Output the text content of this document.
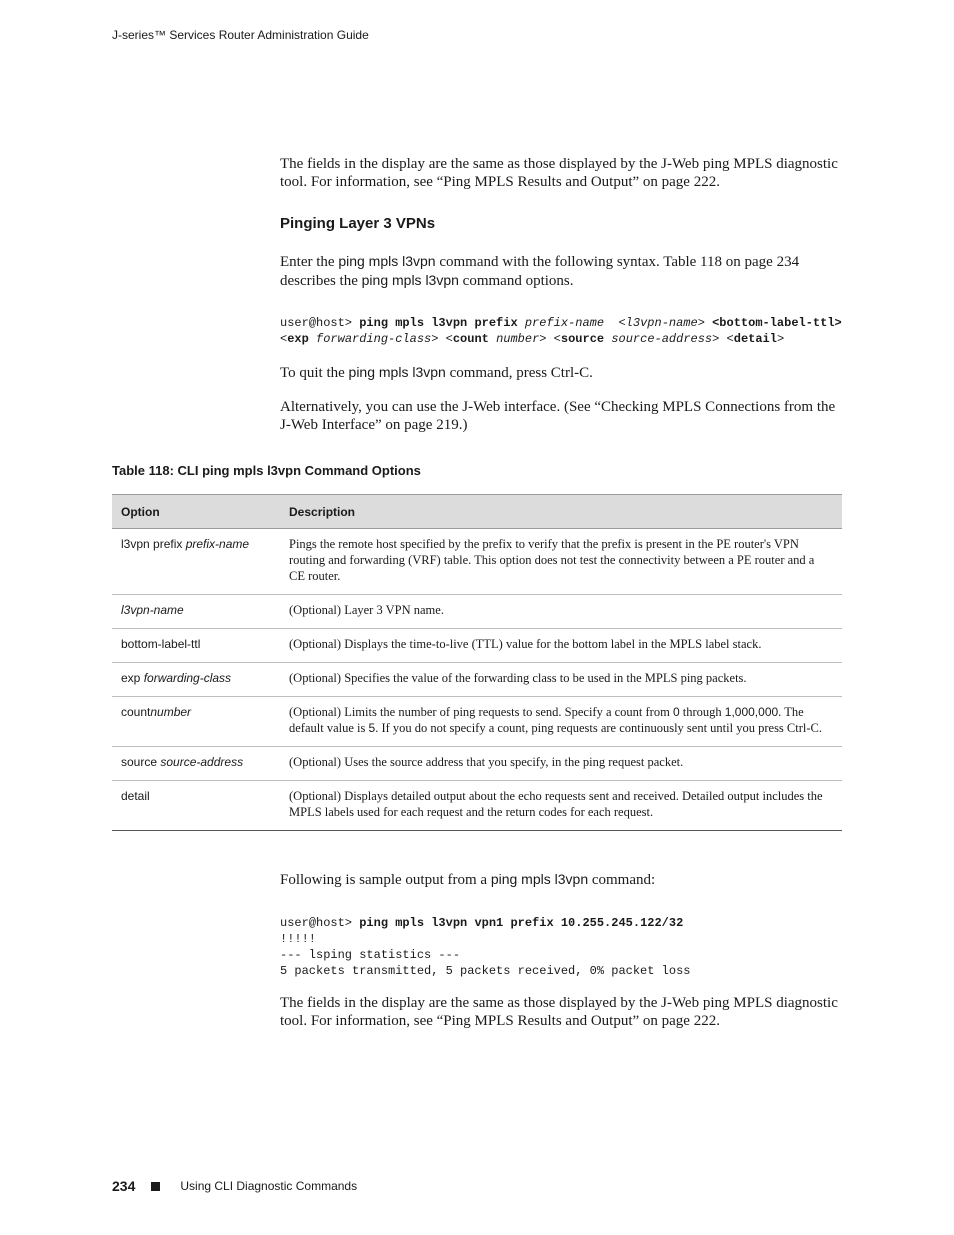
J-series™ Services Router Administration Guide

The fields in the display are the same as those displayed by the J-Web ping MPLS diagnostic tool. For information, see “Ping MPLS Results and Output” on page 222.

Pinging Layer 3 VPNs

Enter the ping mpls l3vpn command with the following syntax. Table 118 on page 234 describes the ping mpls l3vpn command options.

user@host> ping mpls l3vpn prefix prefix-name <l3vpn-name> <bottom-label-ttl>
<exp forwarding-class> <count number> <source source-address> <detail>

To quit the ping mpls l3vpn command, press Ctrl-C.

Alternatively, you can use the J-Web interface. (See “Checking MPLS Connections from the J-Web Interface” on page 219.)

Table 118: CLI ping mpls l3vpn Command Options
Option	Description
l3vpn prefix prefix-name	Pings the remote host specified by the prefix to verify that the prefix is present in the PE router's VPN routing and forwarding (VRF) table. This option does not test the connectivity between a PE router and a CE router.
l3vpn-name	(Optional) Layer 3 VPN name.
bottom-label-ttl	(Optional) Displays the time-to-live (TTL) value for the bottom label in the MPLS label stack.
exp forwarding-class	(Optional) Specifies the value of the forwarding class to be used in the MPLS ping packets.
countnumber	(Optional) Limits the number of ping requests to send. Specify a count from 0 through 1,000,000. The default value is 5. If you do not specify a count, ping requests are continuously sent until you press Ctrl-C.
source source-address	(Optional) Uses the source address that you specify, in the ping request packet.
detail	(Optional) Displays detailed output about the echo requests sent and received. Detailed output includes the MPLS labels used for each request and the return codes for each request.

Following is sample output from a ping mpls l3vpn command:

user@host> ping mpls l3vpn vpn1 prefix 10.255.245.122/32
!!!!!
--- lsping statistics ---
5 packets transmitted, 5 packets received, 0% packet loss

The fields in the display are the same as those displayed by the J-Web ping MPLS diagnostic tool. For information, see “Ping MPLS Results and Output” on page 222.

234	Using CLI Diagnostic Commands
